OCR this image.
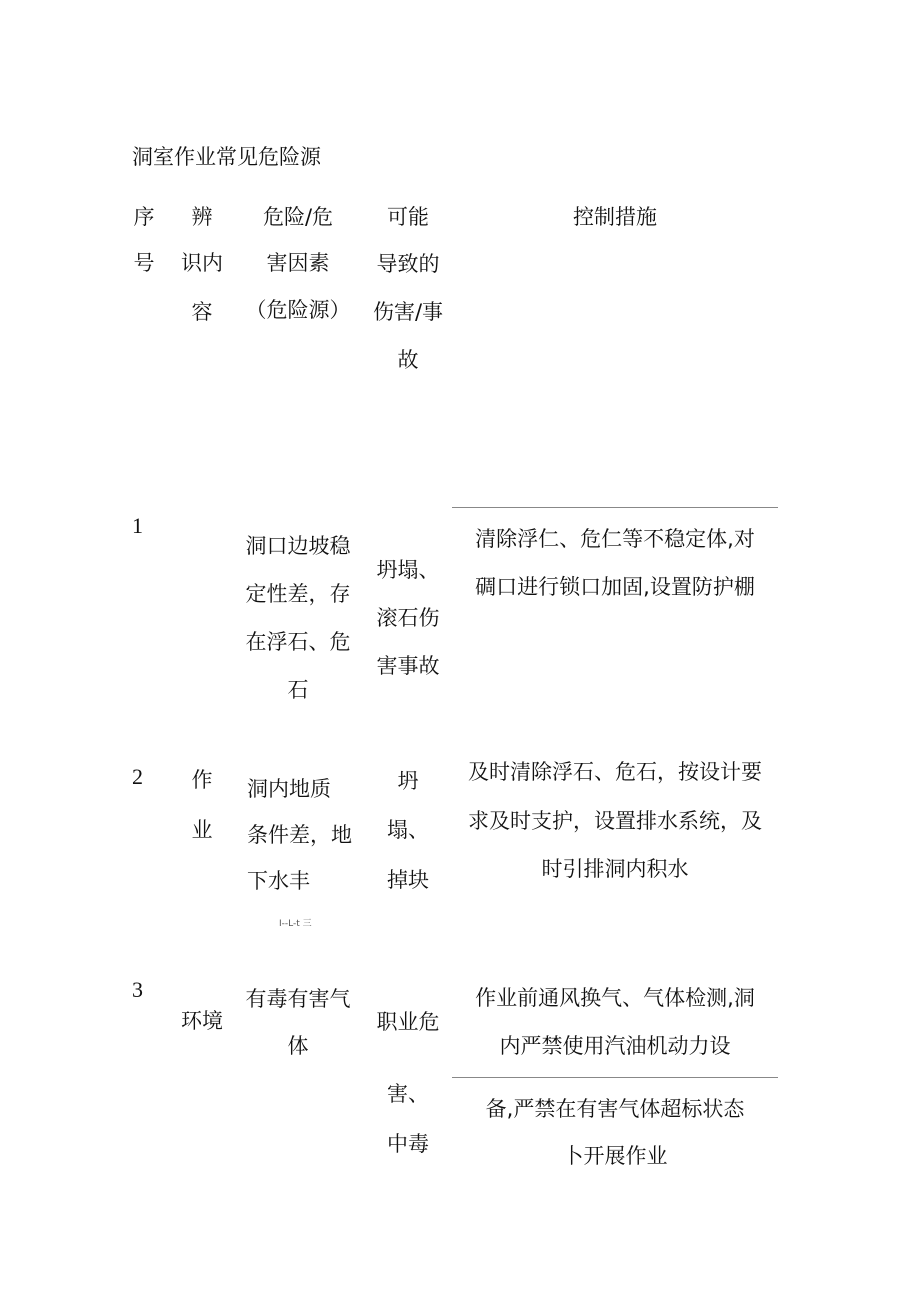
洞室作业常见危险源
序
号
辨
识内
容
危险/危
害因素
（危险源）
可能
导致的
伤害/事
故
控制措施
1
洞口边坡稳
定性差，存
在浮石、危
石
坍塌、
滚石伤
害事故
清除浮仁、危仁等不稳定体,对
碉口进行锁口加固,设置防护棚
2	作
业
洞内地质
条件差，地
下水丰
I--L-t 三
坍
塌、
掉块
及时清除浮石、危石，按设计要
求及时支护，设置排水系统，及
时引排洞内积水
3
环境
有毒有害气
体
职业危
害、
中毒
作业前通风换气、气体检测,洞
内严禁使用汽油机动力设
备,严禁在有害气体超标状态
卜开展作业
